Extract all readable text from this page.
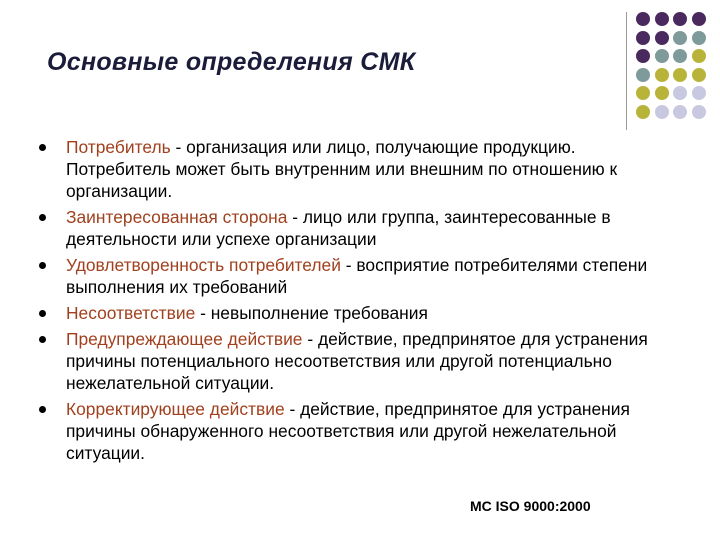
Основные определения СМК
Потребитель - организация или лицо, получающие продукцию. Потребитель может быть внутренним или внешним по отношению к организации.
Заинтересованная сторона - лицо или группа, заинтересованные в деятельности или успехе организации
Удовлетворенность потребителей - восприятие потребителями степени выполнения их требований
Несоответствие - невыполнение требования
Предупреждающее действие - действие, предпринятое для устранения причины потенциального несоответствия или другой потенциально нежелательной ситуации.
Корректирующее действие - действие, предпринятое для устранения причины обнаруженного несоответствия или другой нежелательной ситуации.
МС ISO 9000:2000
